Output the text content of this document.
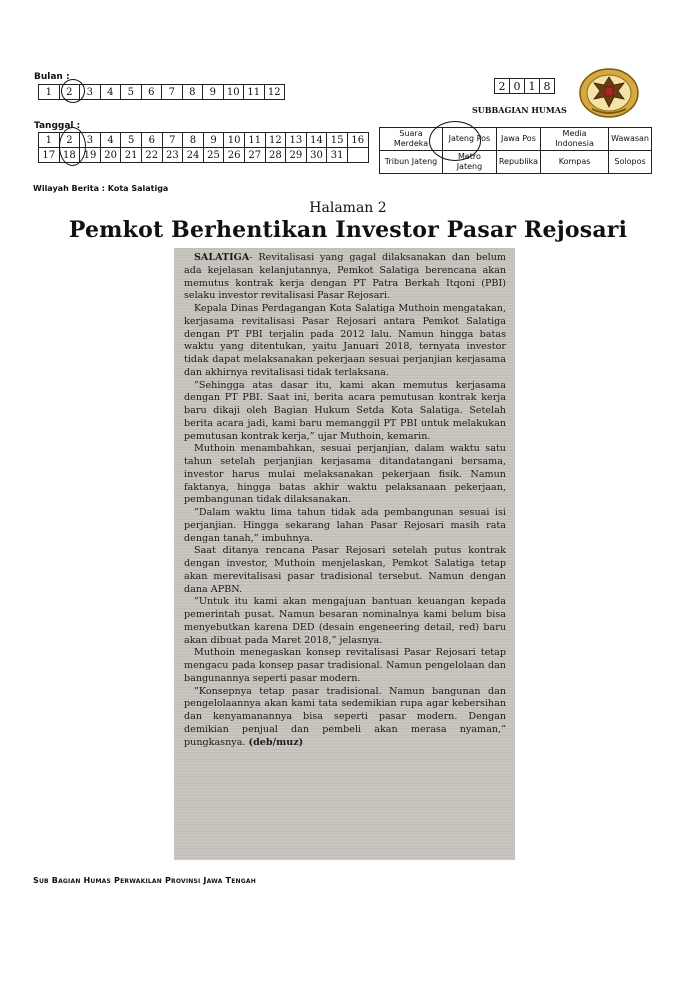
Bulan :
1	2	3	4	5	6	7	8	9	10	11	12
Tanggal :
1	2	3	4	5	6	7	8	9	10	11	12	13	14	15	16
17	18	19	20	21	22	23	24	25	26	27	28	29	30	31	
Wilayah Berita : Kota Salatiga
2	0	1	8
SUBBAGIAN HUMAS
Suara Merdeka	Jateng Pos	Jawa Pos	Media Indonesia	Wawasan
Tribun Jateng	Metro Jateng	Republika	Kompas	Solopos
Halaman 2
Pemkot Berhentikan Investor Pasar Rejosari

SALATIGA- Revitalisasi yang gagal dilaksanakan dan belum ada kejelasan kelanjutannya, Pemkot Salatiga berencana akan memutus kontrak kerja dengan PT Patra Berkah Itqoni (PBI) selaku investor revitalisasi Pasar Rejosari.

Kepala Dinas Perdagangan Kota Salatiga Muthoin mengatakan, kerjasama revitalisasi Pasar Rejosari antara Pemkot Salatiga dengan PT PBI terjalin pada 2012 lalu. Namun hingga batas waktu yang ditentukan, yaitu Januari 2018, ternyata investor tidak dapat melaksanakan pekerjaan sesuai perjanjian kerjasama dan akhirnya revitalisasi tidak terlaksana.

”Sehingga atas dasar itu, kami akan memutus kerjasama dengan PT PBI. Saat ini, berita acara pemutusan kontrak kerja baru dikaji oleh Bagian Hukum Setda Kota Salatiga. Setelah berita acara jadi, kami baru memanggil PT PBI untuk melakukan pemutusan kontrak kerja,” ujar Muthoin, kemarin.

Muthoin menambahkan, sesuai perjanjian, dalam waktu satu tahun setelah perjanjian kerjasama ditandatangani bersama, investor harus mulai melaksanakan pekerjaan fisik. Namun faktanya, hingga batas akhir waktu pelaksanaan pekerjaan, pembangunan tidak dilaksanakan.

”Dalam waktu lima tahun tidak ada pembangunan sesuai isi perjanjian. Hingga sekarang lahan Pasar Rejosari masih rata dengan tanah,” imbuhnya.

Saat ditanya rencana Pasar Rejosari setelah putus kontrak dengan investor, Muthoin menjelaskan, Pemkot Salatiga tetap akan merevitalisasi pasar tradisional tersebut. Namun dengan dana APBN.

”Untuk itu kami akan mengajuan bantuan keuangan kepada pemerintah pusat. Namun besaran nominalnya kami belum bisa menyebutkan karena DED (desain engeneering detail, red) baru akan dibuat pada Maret 2018,” jelasnya.

Muthoin menegaskan konsep revitalisasi Pasar Rejosari tetap mengacu pada konsep pasar tradisional. Namun pengelolaan dan bangunannya seperti pasar modern.

”Konsepnya tetap pasar tradisional. Namun bangunan dan pengelolaannya akan kami tata sedemikian rupa agar kebersihan dan kenyamanannya bisa seperti pasar modern. Dengan demikian penjual dan pembeli akan merasa nyaman,” pungkasnya. (deb/muz)

Sub Bagian Humas Perwakilan Provinsi Jawa Tengah
